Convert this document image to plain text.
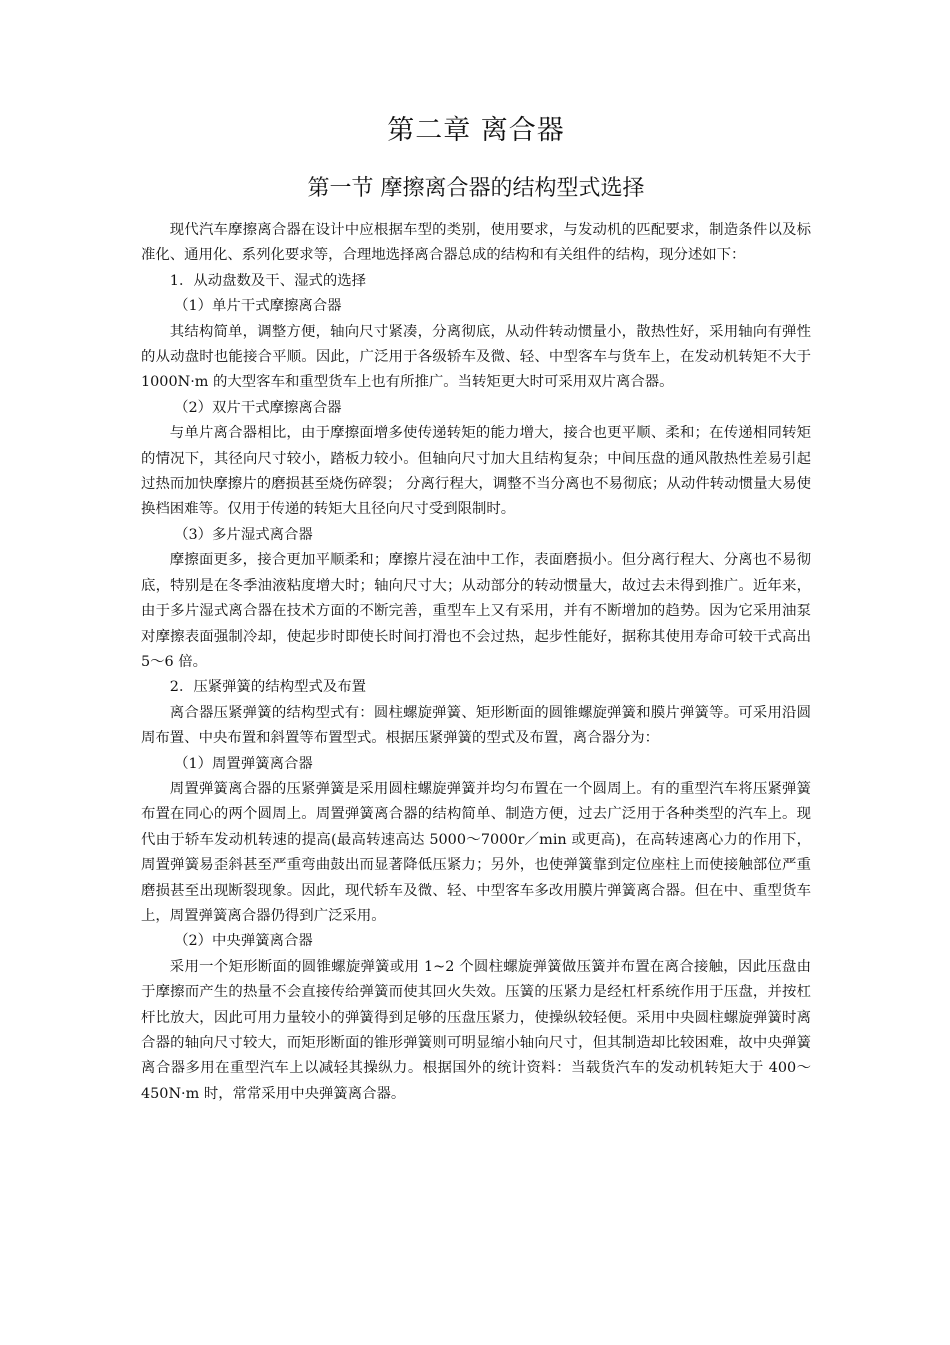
第二章 离合器
第一节 摩擦离合器的结构型式选择

现代汽车摩擦离合器在设计中应根据车型的类别，使用要求，与发动机的匹配要求，制造条件以及标准化、通用化、系列化要求等，合理地选择离合器总成的结构和有关组件的结构，现分述如下：

1．从动盘数及干、湿式的选择

（1）单片干式摩擦离合器

其结构简单，调整方便，轴向尺寸紧凑，分离彻底，从动件转动惯量小，散热性好，采用轴向有弹性的从动盘时也能接合平顺。因此，广泛用于各级轿车及微、轻、中型客车与货车上，在发动机转矩不大于 1000N·m 的大型客车和重型货车上也有所推广。当转矩更大时可采用双片离合器。

（2）双片干式摩擦离合器

与单片离合器相比，由于摩擦面增多使传递转矩的能力增大，接合也更平顺、柔和；在传递相同转矩的情况下，其径向尺寸较小，踏板力较小。但轴向尺寸加大且结构复杂；中间压盘的通风散热性差易引起过热而加快摩擦片的磨损甚至烧伤碎裂； 分离行程大，调整不当分离也不易彻底；从动件转动惯量大易使换档困难等。仅用于传递的转矩大且径向尺寸受到限制时。

（3）多片湿式离合器

摩擦面更多，接合更加平顺柔和；摩擦片浸在油中工作，表面磨损小。但分离行程大、分离也不易彻底，特别是在冬季油液粘度增大时；轴向尺寸大；从动部分的转动惯量大，故过去未得到推广。近年来，由于多片湿式离合器在技术方面的不断完善，重型车上又有采用，并有不断增加的趋势。因为它采用油泵对摩擦表面强制冷却，使起步时即使长时间打滑也不会过热，起步性能好，据称其使用寿命可较干式高出 5～6 倍。

2．压紧弹簧的结构型式及布置

离合器压紧弹簧的结构型式有：圆柱螺旋弹簧、矩形断面的圆锥螺旋弹簧和膜片弹簧等。可采用沿圆周布置、中央布置和斜置等布置型式。根据压紧弹簧的型式及布置，离合器分为：

（1）周置弹簧离合器

周置弹簧离合器的压紧弹簧是采用圆柱螺旋弹簧并均匀布置在一个圆周上。有的重型汽车将压紧弹簧布置在同心的两个圆周上。周置弹簧离合器的结构简单、制造方便，过去广泛用于各种类型的汽车上。现代由于轿车发动机转速的提高(最高转速高达 5000～7000r／min 或更高)，在高转速离心力的作用下，周置弹簧易歪斜甚至严重弯曲鼓出而显著降低压紧力；另外，也使弹簧靠到定位座柱上而使接触部位严重磨损甚至出现断裂现象。因此，现代轿车及微、轻、中型客车多改用膜片弹簧离合器。但在中、重型货车上，周置弹簧离合器仍得到广泛采用。

（2）中央弹簧离合器

采用一个矩形断面的圆锥螺旋弹簧或用 1~2 个圆柱螺旋弹簧做压簧并布置在离合接触，因此压盘由于摩擦而产生的热量不会直接传给弹簧而使其回火失效。压簧的压紧力是经杠杆系统作用于压盘，并按杠杆比放大，因此可用力量较小的弹簧得到足够的压盘压紧力，使操纵较轻便。采用中央圆柱螺旋弹簧时离合器的轴向尺寸较大，而矩形断面的锥形弹簧则可明显缩小轴向尺寸，但其制造却比较困难，故中央弹簧离合器多用在重型汽车上以减轻其操纵力。根据国外的统计资料：当载货汽车的发动机转矩大于 400～450N·m 时，常常采用中央弹簧离合器。
